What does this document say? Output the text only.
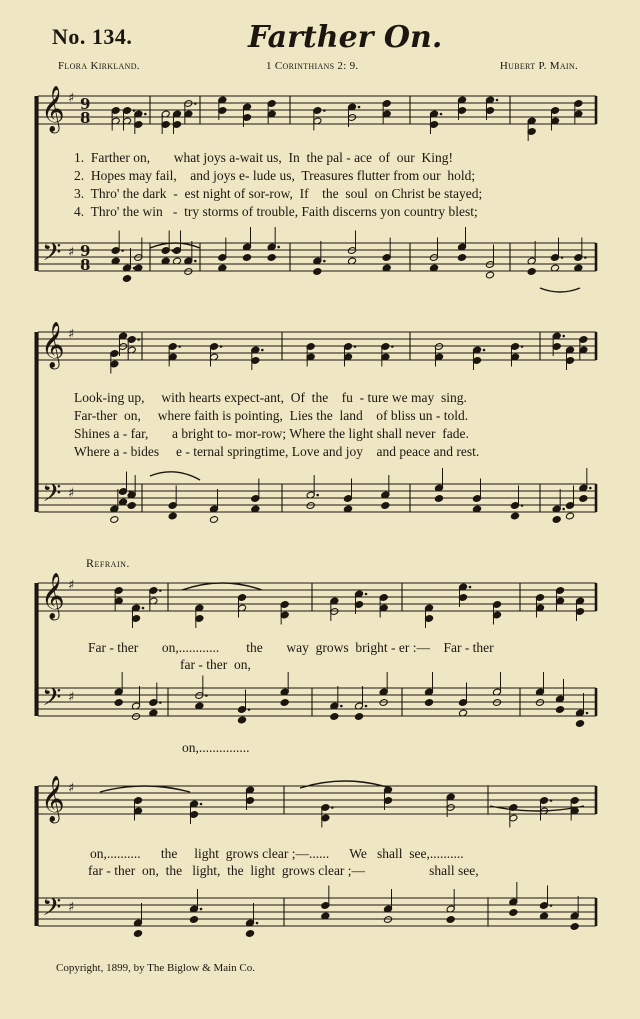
No. 134.	Farther On.
Flora Kirkland.	1 Corinthians 2: 9.	Hubert P. Main.
𝄞
𝄢
♯
♯
9
8
9
8
𝄞
𝄢
♯
♯
𝄞
𝄢
♯
♯
𝄞
𝄢
♯
♯
1.  Farther on,       what joys a-wait us,  In  the pal - ace  of  our  King!
2.  Hopes may fail,    and joys e- lude us,  Treasures flutter from our  hold;
3.  Thro' the dark  -  est night of sor-row,  If    the  soul  on Christ be stayed;
4.  Thro' the win   -  try storms of trouble, Faith discerns yon country blest;
Look-ing up,     with hearts expect-ant,  Of  the    fu  - ture we may  sing.
Far-ther  on,     where faith is pointing,  Lies the  land    of bliss un - told.
Shines a - far,       a bright to- mor-row; Where the light shall never  fade.
Where a - bides     e - ternal springtime, Love and joy    and peace and rest.
Refrain.
Far - ther       on,............        the       way  grows  bright - er :—    Far - ther
far - ther  on,
on,...............
on,..........      the     light  grows clear ;—......      We   shall  see,..........
far - ther  on,  the   light,  the  light  grows clear ;—                   shall see,
Copyright, 1899, by The Biglow & Main Co.
